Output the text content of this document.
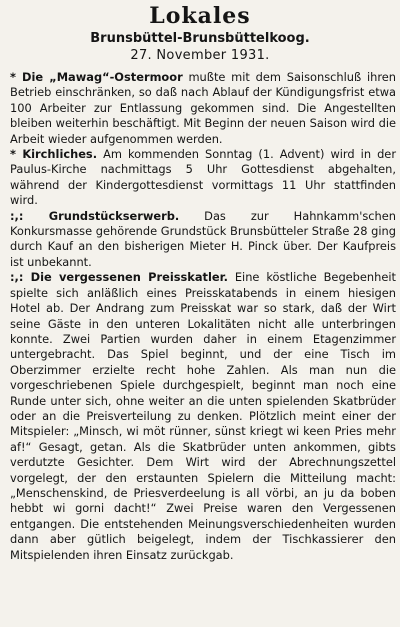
Lokales
Brunsbüttel-Brunsbüttelkoog.
27. November 1931.

* Die „Mawag“-Ostermoor mußte mit dem Saisonschluß ihren Betrieb einschränken, so daß nach Ablauf der Kündigungsfrist etwa 100 Arbeiter zur Entlassung gekommen sind. Die Angestellten bleiben weiterhin beschäftigt. Mit Beginn der neuen Saison wird die Arbeit wieder aufgenommen werden.

* Kirchliches. Am kommenden Sonntag (1. Advent) wird in der Paulus-Kirche nachmittags 5 Uhr Gottesdienst abgehalten, während der Kindergottesdienst vormittags 11 Uhr stattfinden wird.

:,: Grundstückserwerb. Das zur Hahnkamm'schen Konkursmasse gehörende Grundstück Brunsbütteler Straße 28 ging durch Kauf an den bisherigen Mieter H. Pinck über. Der Kaufpreis ist unbekannt.

:,: Die vergessenen Preisskatler. Eine köstliche Begebenheit spielte sich anläßlich eines Preisskatabends in einem hiesigen Hotel ab. Der Andrang zum Preisskat war so stark, daß der Wirt seine Gäste in den unteren Lokalitäten nicht alle unterbringen konnte. Zwei Partien wurden daher in einem Etagenzimmer untergebracht. Das Spiel beginnt, und der eine Tisch im Oberzimmer erzielte recht hohe Zahlen. Als man nun die vorgeschriebenen Spiele durchgespielt, beginnt man noch eine Runde unter sich, ohne weiter an die unten spielenden Skatbrüder oder an die Preisverteilung zu denken. Plötzlich meint einer der Mitspieler: „Minsch, wi möt rünner, sünst kriegt wi keen Pries mehr af!“ Gesagt, getan. Als die Skatbrüder unten ankommen, gibts verdutzte Gesichter. Dem Wirt wird der Abrechnungszettel vorgelegt, der den erstaunten Spielern die Mitteilung macht: „Menschenskind, de Priesverdeelung is all vörbi, an ju da boben hebbt wi gorni dacht!“ Zwei Preise waren den Vergessenen entgangen. Die entstehenden Meinungsverschiedenheiten wurden dann aber gütlich beigelegt, indem der Tischkassierer den Mitspielenden ihren Einsatz zurückgab.
